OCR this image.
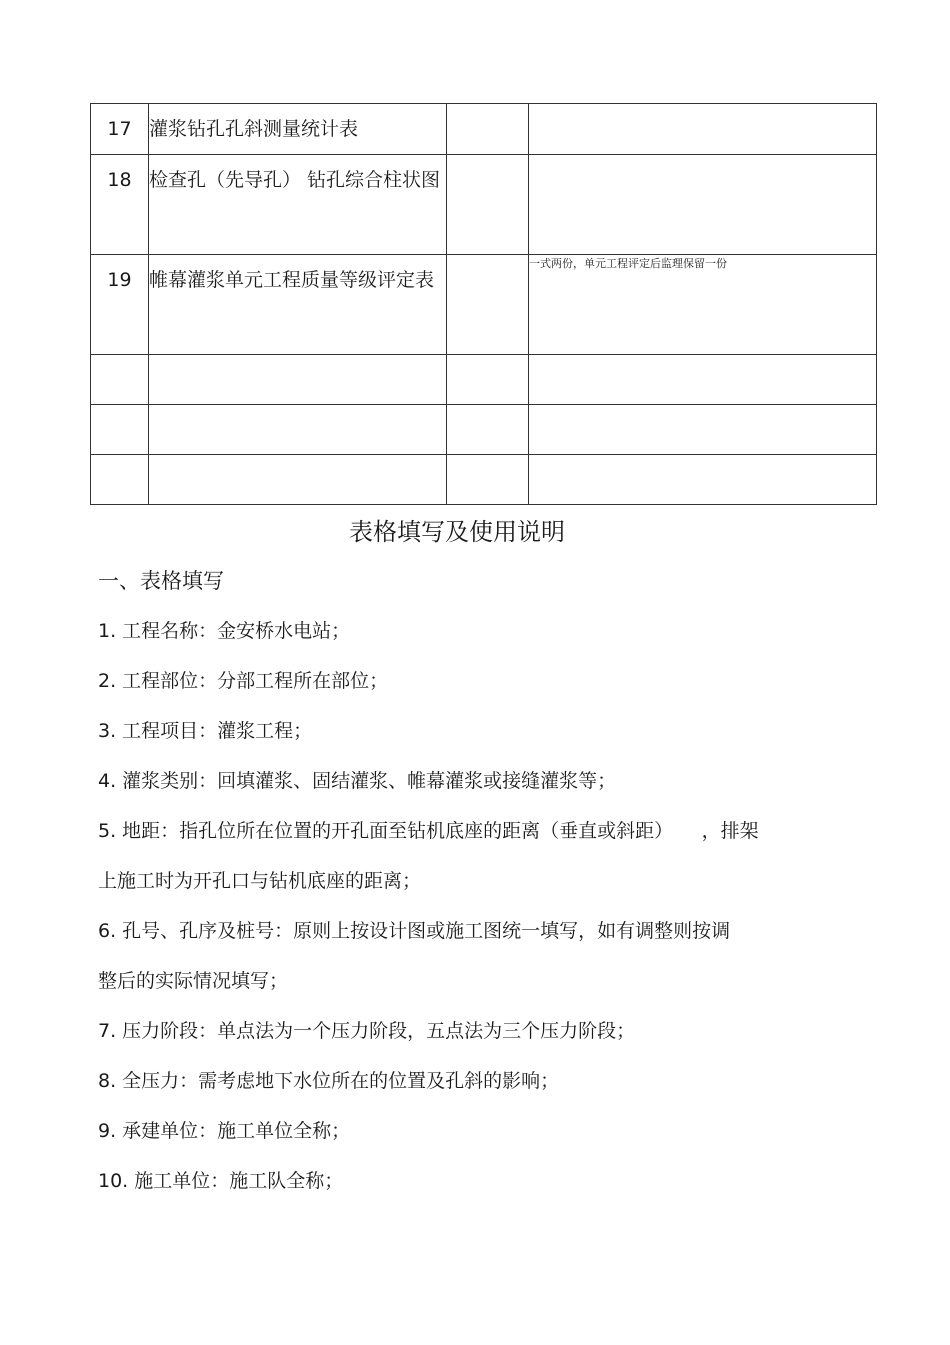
17	灌浆钻孔孔斜测量统计表		
18	检查孔（先导孔） 钻孔综合柱状图		
19	帷幕灌浆单元工程质量等级评定表		一式两份，单元工程评定后监理保留一份

表格填写及使用说明
一、表格填写
1. 工程名称：金安桥水电站；
2. 工程部位：分部工程所在部位；
3. 工程项目：灌浆工程；
4. 灌浆类别：回填灌浆、固结灌浆、帷幕灌浆或接缝灌浆等；
5. 地距：指孔位所在位置的开孔面至钻机底座的距离（垂直或斜距）　　，排架
上施工时为开孔口与钻机底座的距离；
6. 孔号、孔序及桩号：原则上按设计图或施工图统一填写，如有调整则按调
整后的实际情况填写；
7. 压力阶段：单点法为一个压力阶段，五点法为三个压力阶段；
8. 全压力：需考虑地下水位所在的位置及孔斜的影响；
9. 承建单位：施工单位全称；
10. 施工单位：施工队全称；
